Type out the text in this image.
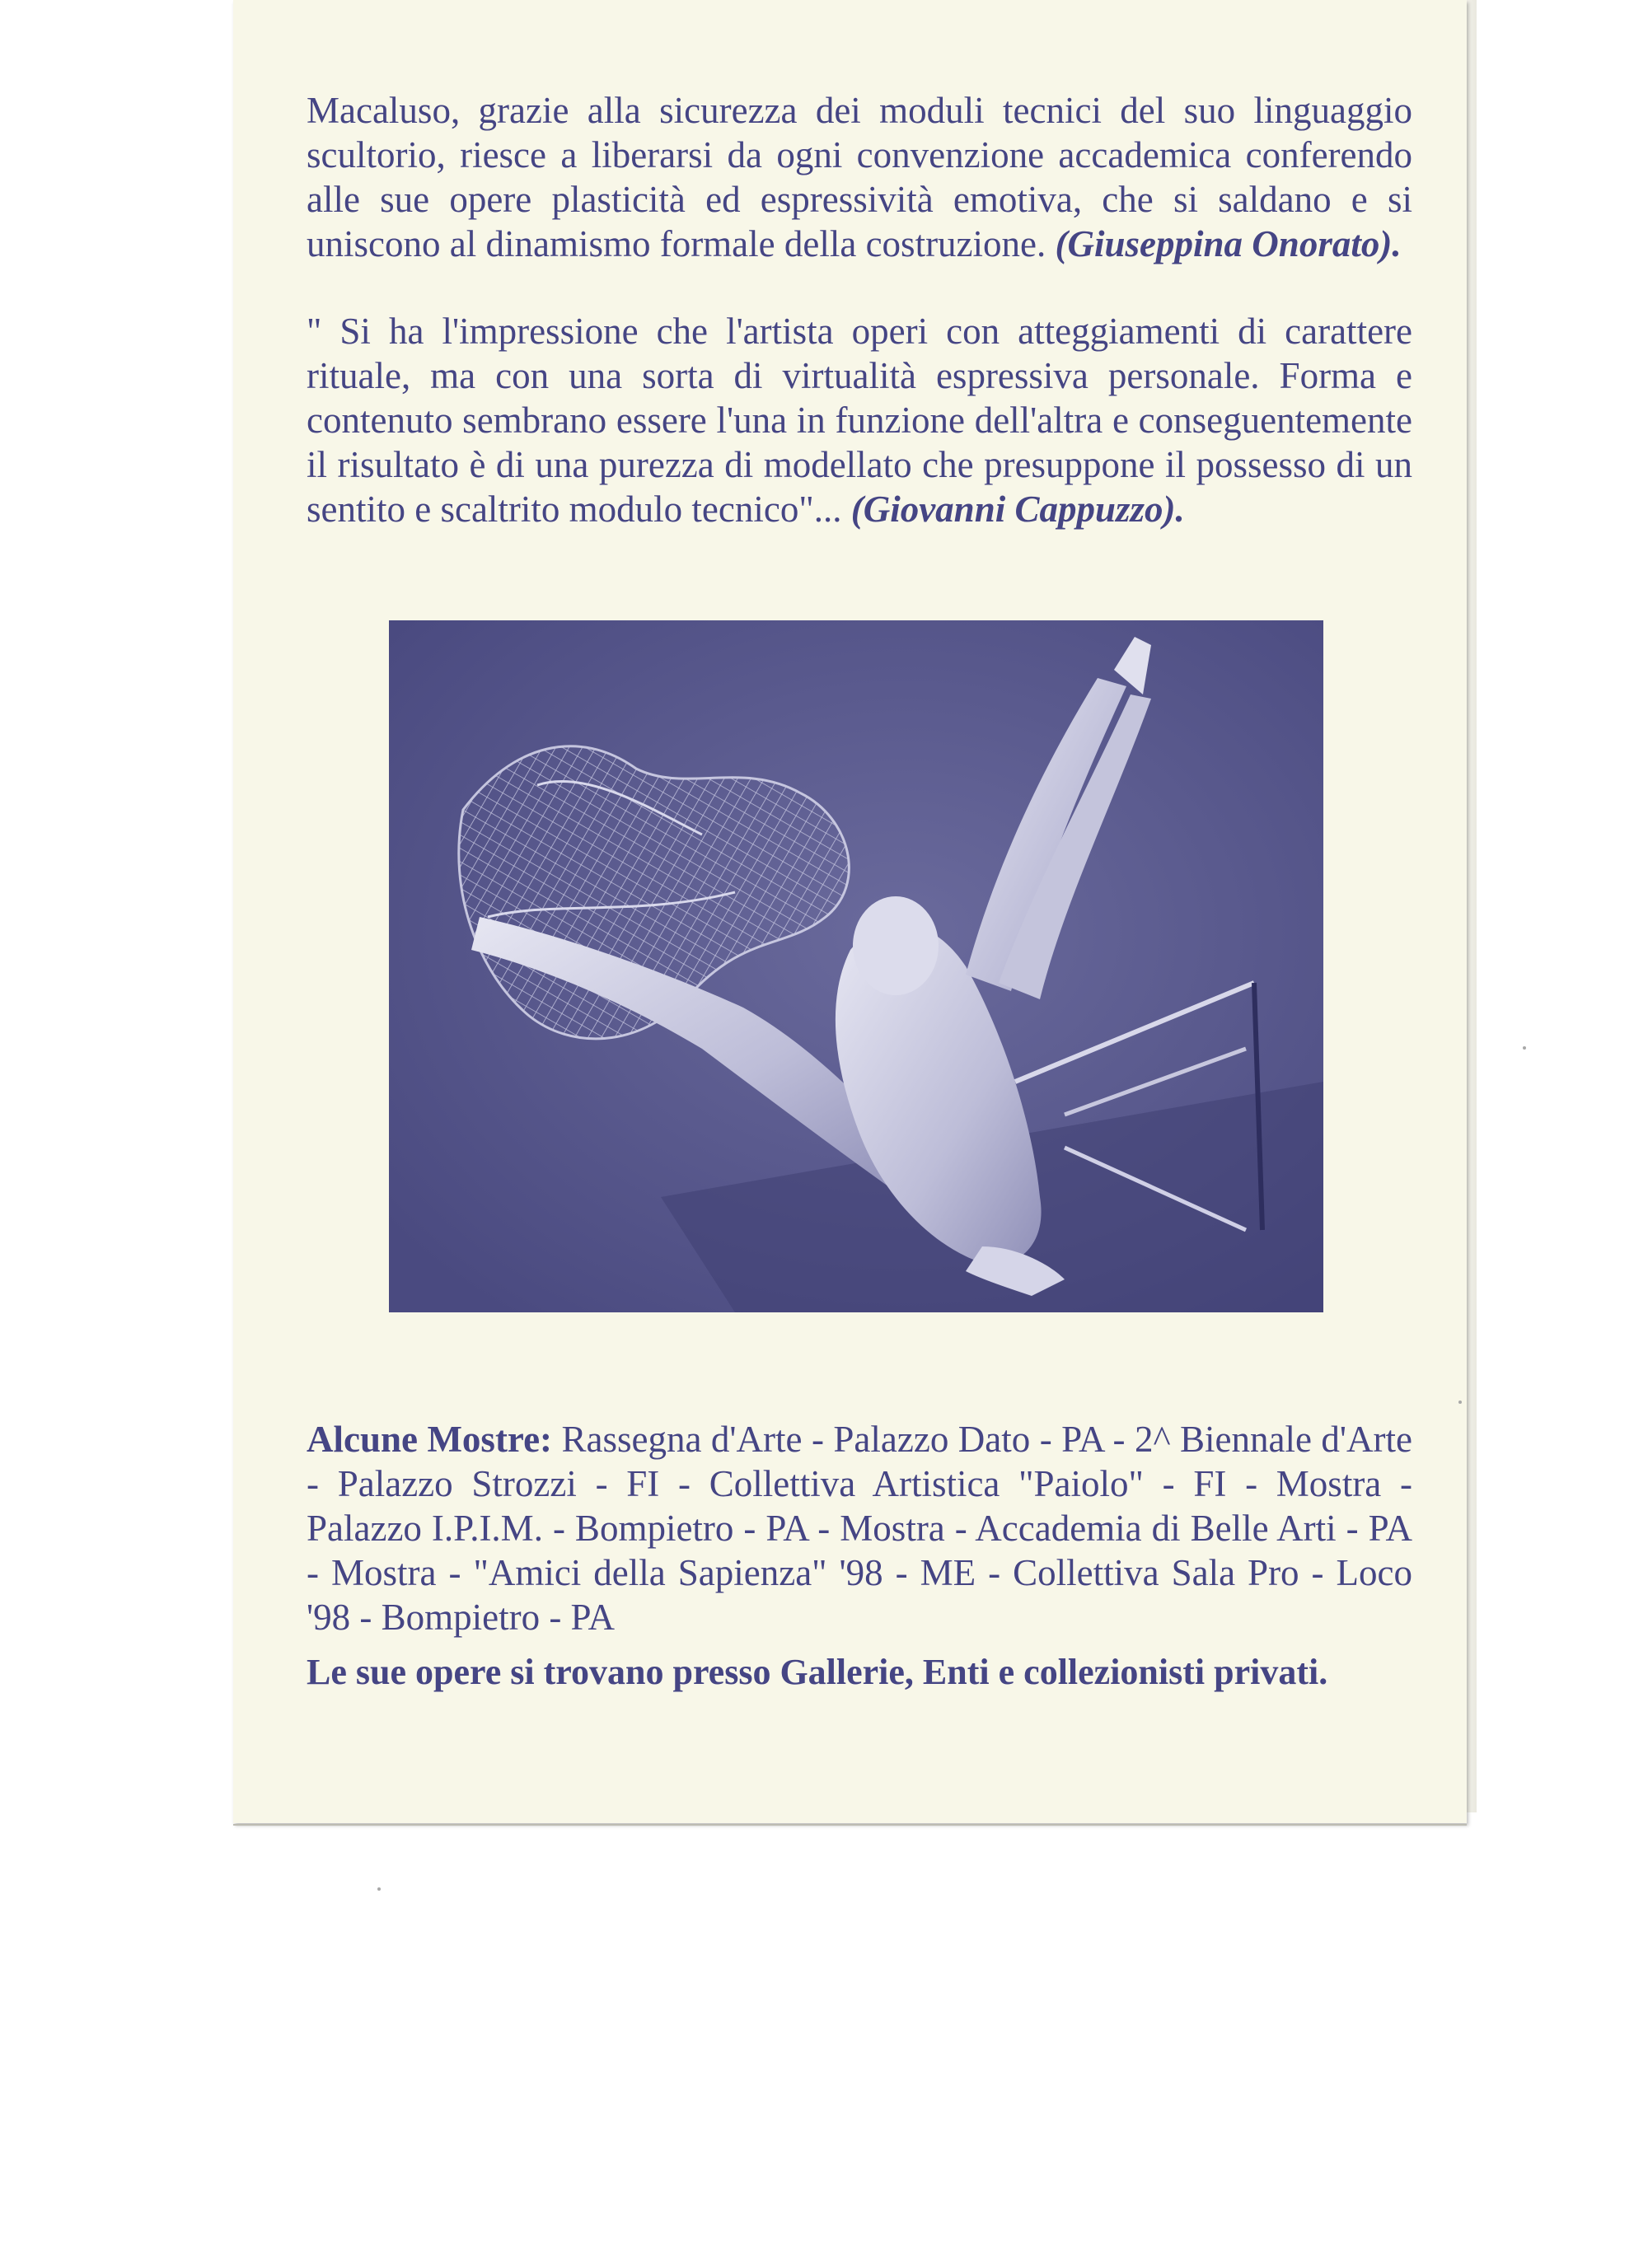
Macaluso, grazie alla sicurezza dei moduli tecnici del suo linguaggio scultorio, riesce a liberarsi da ogni convenzione accademica conferendo alle sue opere plasticità ed espressività emotiva, che si saldano e si uniscono al dinamismo formale della costruzione. (Giuseppina Onorato).

" Si ha l'impressione che l'artista operi con atteggiamenti di carattere rituale, ma con una sorta di virtualità espressiva personale. Forma e contenuto sembrano essere l'una in funzione dell'altra e conseguentemente il risultato è di una purezza di modellato che presuppone il possesso di un sentito e scaltrito modulo tecnico"... (Giovanni Cappuzzo).

Alcune Mostre: Rassegna d'Arte - Palazzo Dato - PA - 2^ Biennale d'Arte - Palazzo Strozzi - FI - Collettiva Artistica "Paiolo" - FI - Mostra - Palazzo I.P.I.M. - Bompietro - PA - Mostra - Accademia di Belle Arti - PA - Mostra - "Amici della Sapienza" '98 - ME - Collettiva Sala Pro - Loco '98 - Bompietro - PA

Le sue opere si trovano presso Gallerie, Enti e collezionisti privati.
